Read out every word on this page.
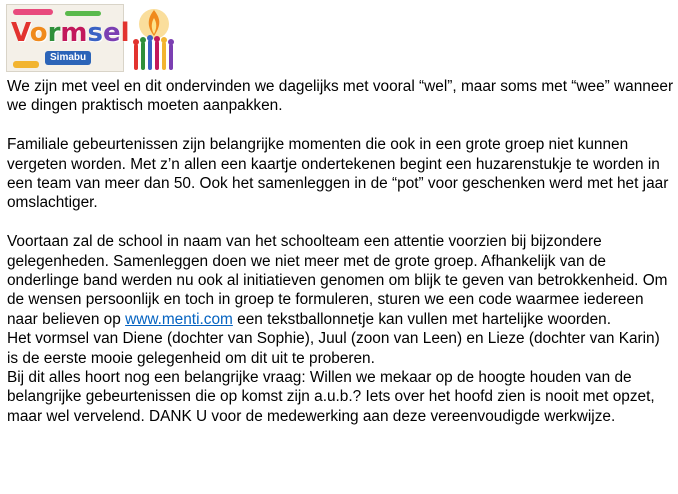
Vormsel
Simabu

We zijn met veel en dit ondervinden we dagelijks met vooral “wel”, maar soms met “wee” wanneer we dingen praktisch moeten aanpakken.

Familiale gebeurtenissen zijn belangrijke momenten die ook in een grote groep niet kunnen vergeten worden. Met z’n allen een kaartje ondertekenen begint een huzarenstukje te worden in een team van meer dan 50. Ook het samenleggen in de “pot” voor geschenken werd met het jaar omslachtiger.

Voortaan zal de school in naam van het schoolteam een attentie voorzien bij bijzondere gelegenheden. Samenleggen doen we niet meer met de grote groep. Afhankelijk van de onderlinge band werden nu ook al initiatieven genomen om blijk te geven van betrokkenheid. Om de wensen persoonlijk en toch in groep te formuleren, sturen we een code waarmee iedereen naar believen op www.menti.com een tekstballonnetje kan vullen met hartelijke woorden.

Het vormsel van Diene (dochter van Sophie), Juul (zoon van Leen) en Lieze (dochter van Karin) is de eerste mooie gelegenheid om dit uit te proberen.

Bij dit alles hoort nog een belangrijke vraag: Willen we mekaar op de hoogte houden van de belangrijke gebeurtenissen die op komst zijn a.u.b.? Iets over het hoofd zien is nooit met opzet, maar wel vervelend. DANK U voor de medewerking aan deze vereenvoudigde werkwijze.
